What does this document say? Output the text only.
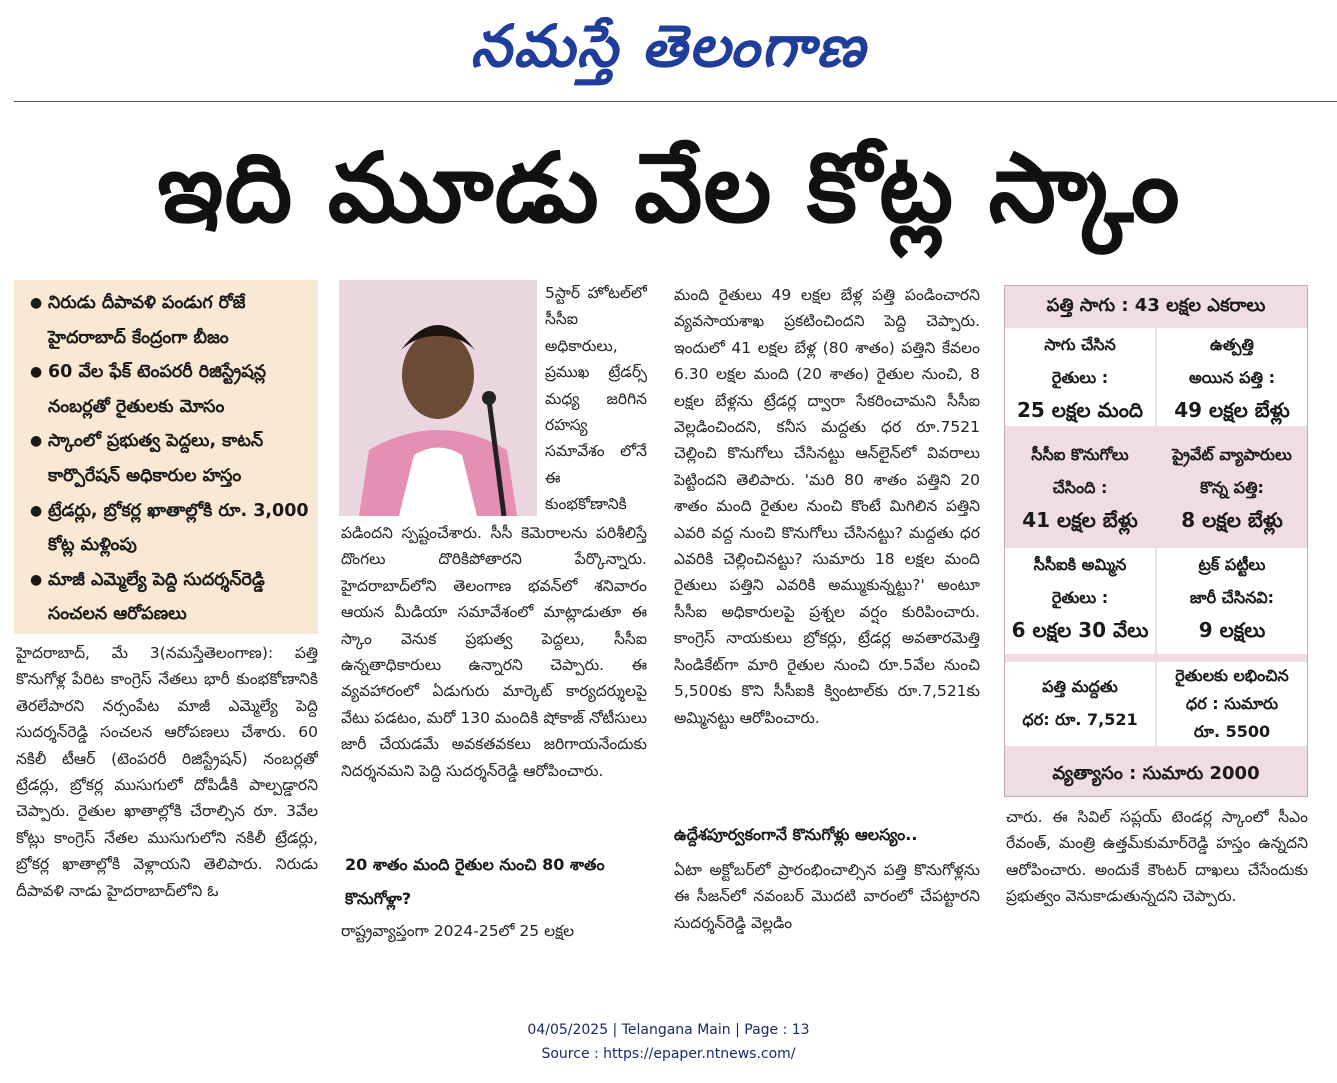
నమస్తే తెలంగాణ
ఇది మూడు వేల కోట్ల స్కాం
● నిరుడు దీపావళి పండుగ రోజే హైదరాబాద్ కేంద్రంగా బీజం
● 60 వేల ఫేక్ టెంపరరీ రిజిస్ట్రేషన్ల నంబర్లతో రైతులకు మోసం
● స్కాంలో ప్రభుత్వ పెద్దలు, కాటన్ కార్పొరేషన్ అధికారుల హస్తం
● ట్రేడర్లు, బ్రోకర్ల ఖాతాల్లోకి రూ. 3,000 కోట్ల మళ్లింపు
● మాజీ ఎమ్మెల్యే పెద్ది సుదర్శన్‌రెడ్డి సంచలన ఆరోపణలు

హైదరాబాద్, మే 3(నమస్తేతెలంగాణ): పత్తి కొనుగోళ్ల పేరిట కాంగ్రెస్ నేతలు భారీ కుంభకోణానికి తెరలేపారని నర్సంపేట మాజీ ఎమ్మెల్యే పెద్ది సుదర్శన్‌రెడ్డి సంచలన ఆరోపణలు చేశారు. 60 నకిలీ టీఆర్ (టెంపరరీ రిజిస్ట్రేషన్) నంబర్లతో ట్రేడర్లు, బ్రోకర్ల ముసుగులో దోపిడీకి పాల్పడ్డారని చెప్పారు. రైతుల ఖాతాల్లోకి చేరాల్సిన రూ. 3వేల కోట్లు కాంగ్రెస్ నేతల ముసుగులోని నకిలీ ట్రేడర్లు, బ్రోకర్ల ఖాతాల్లోకి వెళ్లాయని తెలిపారు. నిరుడు దీపావళి నాడు హైదరాబాద్‌లోని ఓ

5స్టార్ హోటల్‌లో సీసీఐ అధికారులు, ప్రముఖ ట్రేడర్స్ మధ్య జరిగిన రహస్య సమావేశం లోనే ఈ కుంభకోణానికి

పడిందని స్పష్టంచేశారు. సీసీ కెమెరాలను పరిశీలిస్తే దొంగలు దొరికిపోతారని పేర్కొన్నారు. హైదరాబాద్‌లోని తెలంగాణ భవన్‌లో శనివారం ఆయన మీడియా సమావేశంలో మాట్లాడుతూ ఈ స్కాం వెనుక ప్రభుత్వ పెద్దలు, సీసీఐ ఉన్నతాధికారులు ఉన్నారని చెప్పారు. ఈ వ్యవహారంలో ఏడుగురు మార్కెట్ కార్యదర్శులపై వేటు పడటం, మరో 130 మందికి షోకాజ్ నోటీసులు జారీ చేయడమే అవకతవకలు జరిగాయనేందుకు నిదర్శనమని పెద్ది సుదర్శన్‌రెడ్డి ఆరోపించారు.

20 శాతం మంది రైతుల నుంచి 80 శాతం కొనుగోళ్లా?

రాష్ట్రవ్యాప్తంగా 2024-25లో 25 లక్షల

మంది రైతులు 49 లక్షల బేళ్ల పత్తి పండించారని వ్యవసాయశాఖ ప్రకటించిందని పెద్ది చెప్పారు. ఇందులో 41 లక్షల బేళ్ల (80 శాతం) పత్తిని కేవలం 6.30 లక్షల మంది (20 శాతం) రైతుల నుంచి, 8 లక్షల బేళ్లను ట్రేడర్ల ద్వారా సేకరించామని సీసీఐ వెల్లడించిందని, కనీస మద్దతు ధర రూ.7521 చెల్లించి కొనుగోలు చేసినట్టు ఆన్‌లైన్‌లో వివరాలు పెట్టిందని తెలిపారు. 'మరి 80 శాతం పత్తిని 20 శాతం మంది రైతుల నుంచి కొంటే మిగిలిన పత్తిని ఎవరి వద్ద నుంచి కొనుగోలు చేసినట్టు? మద్దతు ధర ఎవరికి చెల్లించినట్టు? సుమారు 18 లక్షల మంది రైతులు పత్తిని ఎవరికి అమ్ముకున్నట్టు?' అంటూ సీసీఐ అధికారులపై ప్రశ్నల వర్షం కురిపించారు. కాంగ్రెస్ నాయకులు బ్రోకర్లు, ట్రేడర్ల అవతారమెత్తి సిండికేట్‌గా మారి రైతుల నుంచి రూ.5వేల నుంచి 5,500కు కొని సీసీఐకి క్వింటాల్‌కు రూ.7,521కు అమ్మినట్టు ఆరోపించారు.

ఉద్దేశపూర్వకంగానే కొనుగోళ్లు ఆలస్యం..

ఏటా అక్టోబర్‌లో ప్రారంభించాల్సిన పత్తి కొనుగోళ్లను ఈ సీజన్‌లో నవంబర్ మొదటి వారంలో చేపట్టారని సుదర్శన్‌రెడ్డి వెల్లడిం

పత్తి సాగు : 43 లక్షల ఎకరాలు
సాగు చేసిన
రైతులు :
25 లక్షల మంది
ఉత్పత్తి
అయిన పత్తి :
49 లక్షల బేళ్లు
సీసీఐ కొనుగోలు
చేసింది :
41 లక్షల బేళ్లు
ప్రైవేట్ వ్యాపారులు
కొన్న పత్తి:
8 లక్షల బేళ్లు
సీసీఐకి అమ్మిన
రైతులు :
6 లక్షల 30 వేలు
ట్రక్ పట్టీలు
జారీ చేసినవి:
9 లక్షలు
పత్తి మద్దతు
ధర: రూ. 7,521
రైతులకు లభించిన
ధర : సుమారు
రూ. 5500
వ్యత్యాసం : సుమారు 2000

చారు. ఈ సివిల్ సప్లయ్ టెండర్ల స్కాంలో సీఎం రేవంత్, మంత్రి ఉత్తమ్‌కుమార్‌రెడ్డి హస్తం ఉన్నదని ఆరోపించారు. అందుకే కౌంటర్ దాఖలు చేసేందుకు ప్రభుత్వం వెనుకాడుతున్నదని చెప్పారు.

04/05/2025 | Telangana Main | Page : 13
Source : https://epaper.ntnews.com/
